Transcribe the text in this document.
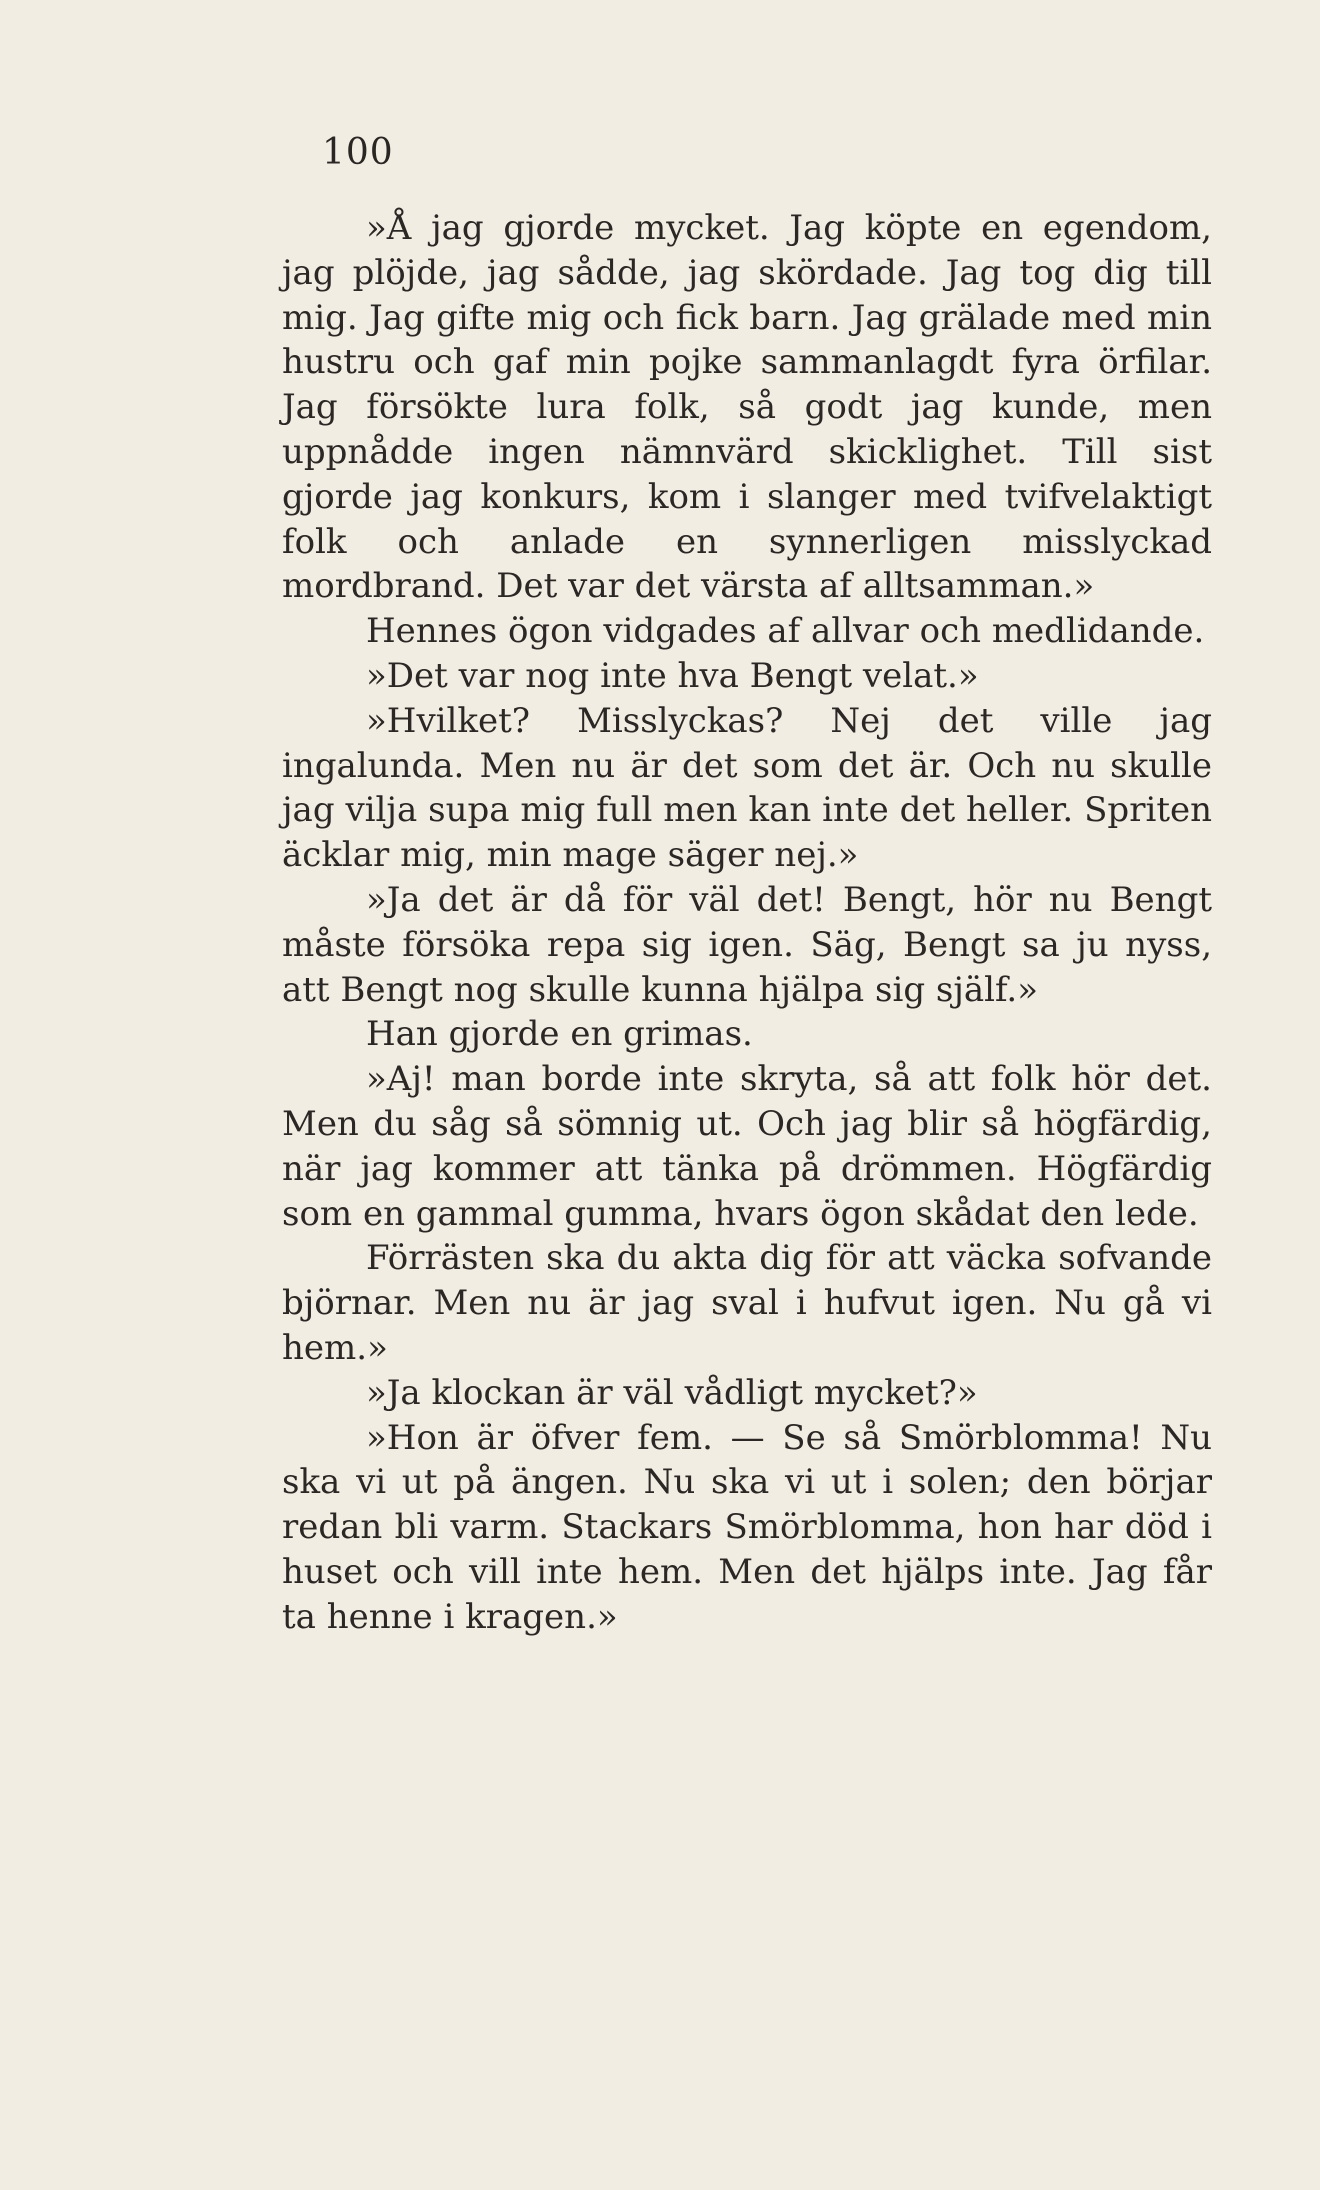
100

»Å jag gjorde mycket. Jag köpte en egendom, jag plöjde, jag sådde, jag skördade. Jag tog dig till mig. Jag gifte mig och fick barn. Jag grälade med min hustru och gaf min pojke sammanlagdt fyra örfilar. Jag försökte lura folk, så godt jag kunde, men uppnådde ingen nämnvärd skicklighet. Till sist gjorde jag konkurs, kom i slanger med tvifvelaktigt folk och anlade en synnerligen misslyckad mordbrand. Det var det värsta af alltsamman.»

Hennes ögon vidgades af allvar och medlidande.

»Det var nog inte hva Bengt velat.»

»Hvilket? Misslyckas? Nej det ville jag ingalunda. Men nu är det som det är. Och nu skulle jag vilja supa mig full men kan inte det heller. Spriten äcklar mig, min mage säger nej.»

»Ja det är då för väl det! Bengt, hör nu Bengt måste försöka repa sig igen. Säg, Bengt sa ju nyss, att Bengt nog skulle kunna hjälpa sig själf.»

Han gjorde en grimas.

»Aj! man borde inte skryta, så att folk hör det. Men du såg så sömnig ut. Och jag blir så högfärdig, när jag kommer att tänka på drömmen. Högfärdig som en gammal gumma, hvars ögon skådat den lede.

Förrästen ska du akta dig för att väcka sofvande björnar. Men nu är jag sval i hufvut igen. Nu gå vi hem.»

»Ja klockan är väl vådligt mycket?»

»Hon är öfver fem. — Se så Smörblomma! Nu ska vi ut på ängen. Nu ska vi ut i solen; den börjar redan bli varm. Stackars Smörblomma, hon har död i huset och vill inte hem. Men det hjälps inte. Jag får ta henne i kragen.»
